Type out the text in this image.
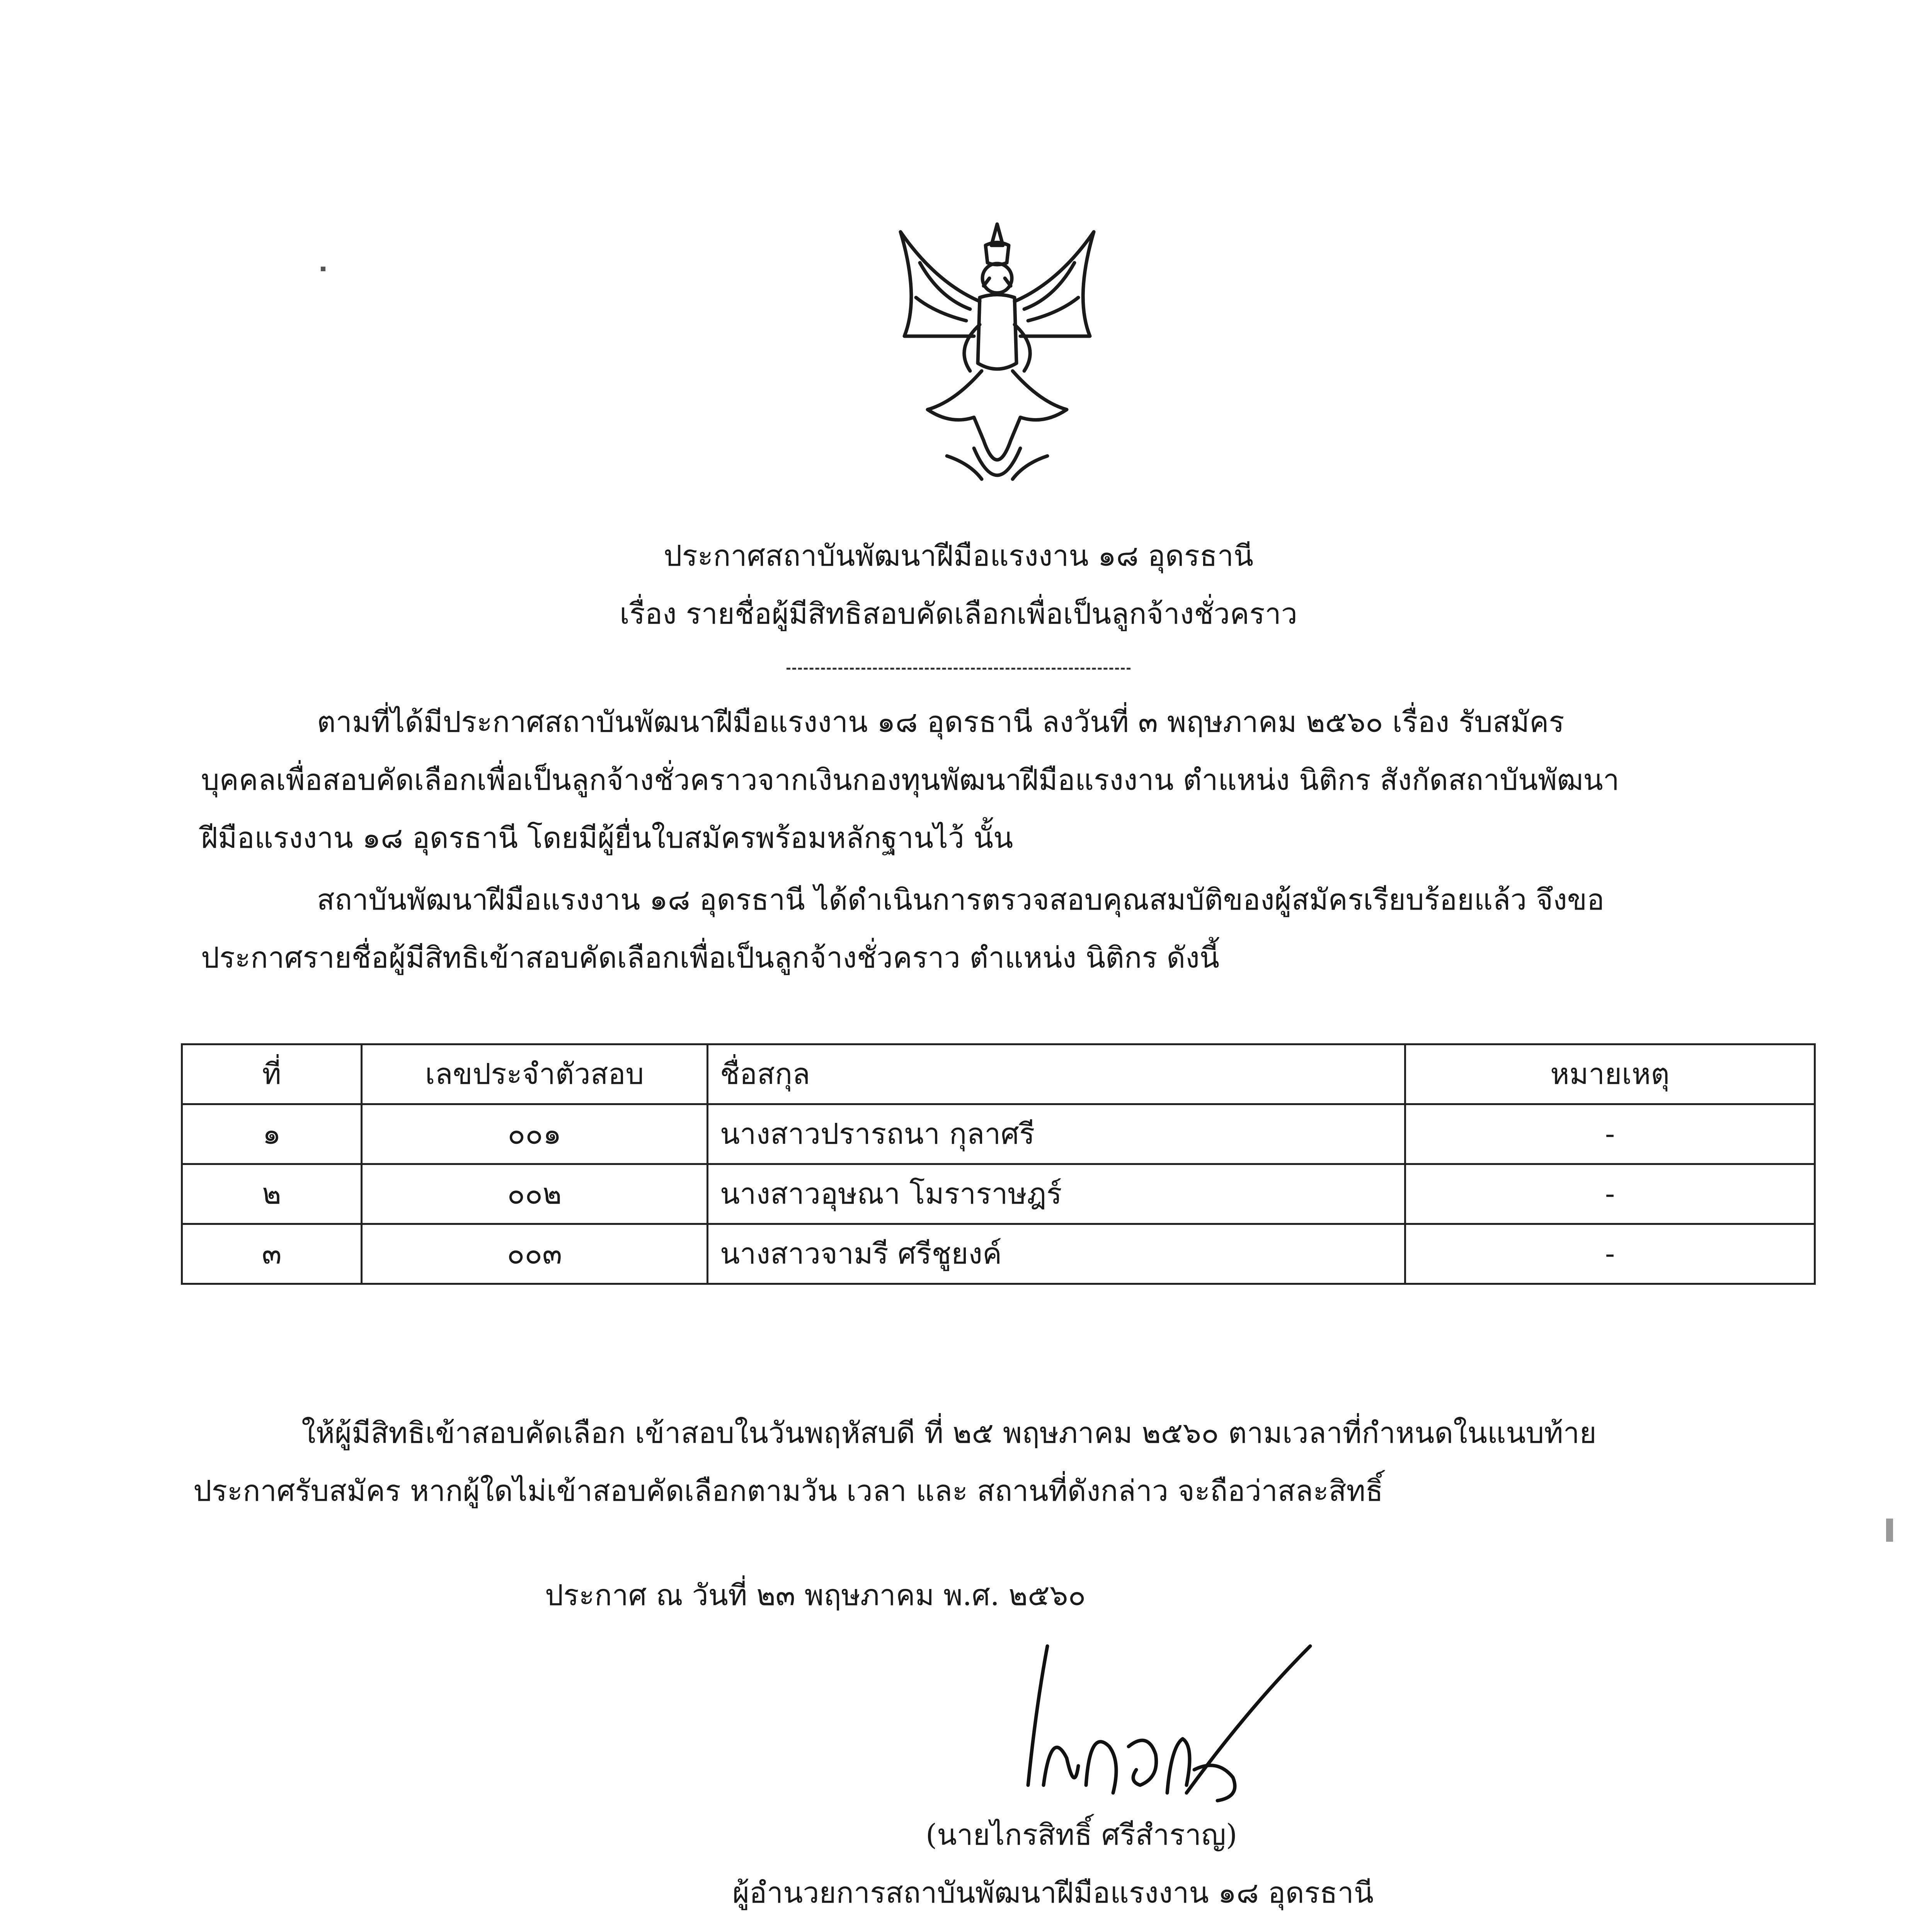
ประกาศสถาบันพัฒนาฝีมือแรงงาน ๑๘ อุดรธานี
เรื่อง รายชื่อผู้มีสิทธิสอบคัดเลือกเพื่อเป็นลูกจ้างชั่วคราว
ตามที่ได้มีประกาศสถาบันพัฒนาฝีมือแรงงาน ๑๘ อุดรธานี ลงวันที่ ๓ พฤษภาคม ๒๕๖๐ เรื่อง รับสมัคร
บุคคลเพื่อสอบคัดเลือกเพื่อเป็นลูกจ้างชั่วคราวจากเงินกองทุนพัฒนาฝีมือแรงงาน ตำแหน่ง นิติกร สังกัดสถาบันพัฒนา
ฝีมือแรงงาน ๑๘ อุดรธานี โดยมีผู้ยื่นใบสมัครพร้อมหลักฐานไว้ นั้น
สถาบันพัฒนาฝีมือแรงงาน ๑๘ อุดรธานี ได้ดำเนินการตรวจสอบคุณสมบัติของผู้สมัครเรียบร้อยแล้ว จึงขอ
ประกาศรายชื่อผู้มีสิทธิเข้าสอบคัดเลือกเพื่อเป็นลูกจ้างชั่วคราว ตำแหน่ง นิติกร ดังนี้
ที่	เลขประจำตัวสอบ	ชื่อสกุล	หมายเหตุ
๑	๐๐๑	นางสาวปรารถนา กุลาศรี	-
๒	๐๐๒	นางสาวอุษณา โมราราษฎร์	-
๓	๐๐๓	นางสาวจามรี ศรีชูยงค์	-
ให้ผู้มีสิทธิเข้าสอบคัดเลือก เข้าสอบในวันพฤหัสบดี ที่ ๒๕ พฤษภาคม ๒๕๖๐ ตามเวลาที่กำหนดในแนบท้าย
ประกาศรับสมัคร หากผู้ใดไม่เข้าสอบคัดเลือกตามวัน เวลา และ สถานที่ดังกล่าว จะถือว่าสละสิทธิ์
ประกาศ ณ วันที่ ๒๓ พฤษภาคม พ.ศ. ๒๕๖๐
(นายไกรสิทธิ์ ศรีสำราญ)
ผู้อำนวยการสถาบันพัฒนาฝีมือแรงงาน ๑๘ อุดรธานี
